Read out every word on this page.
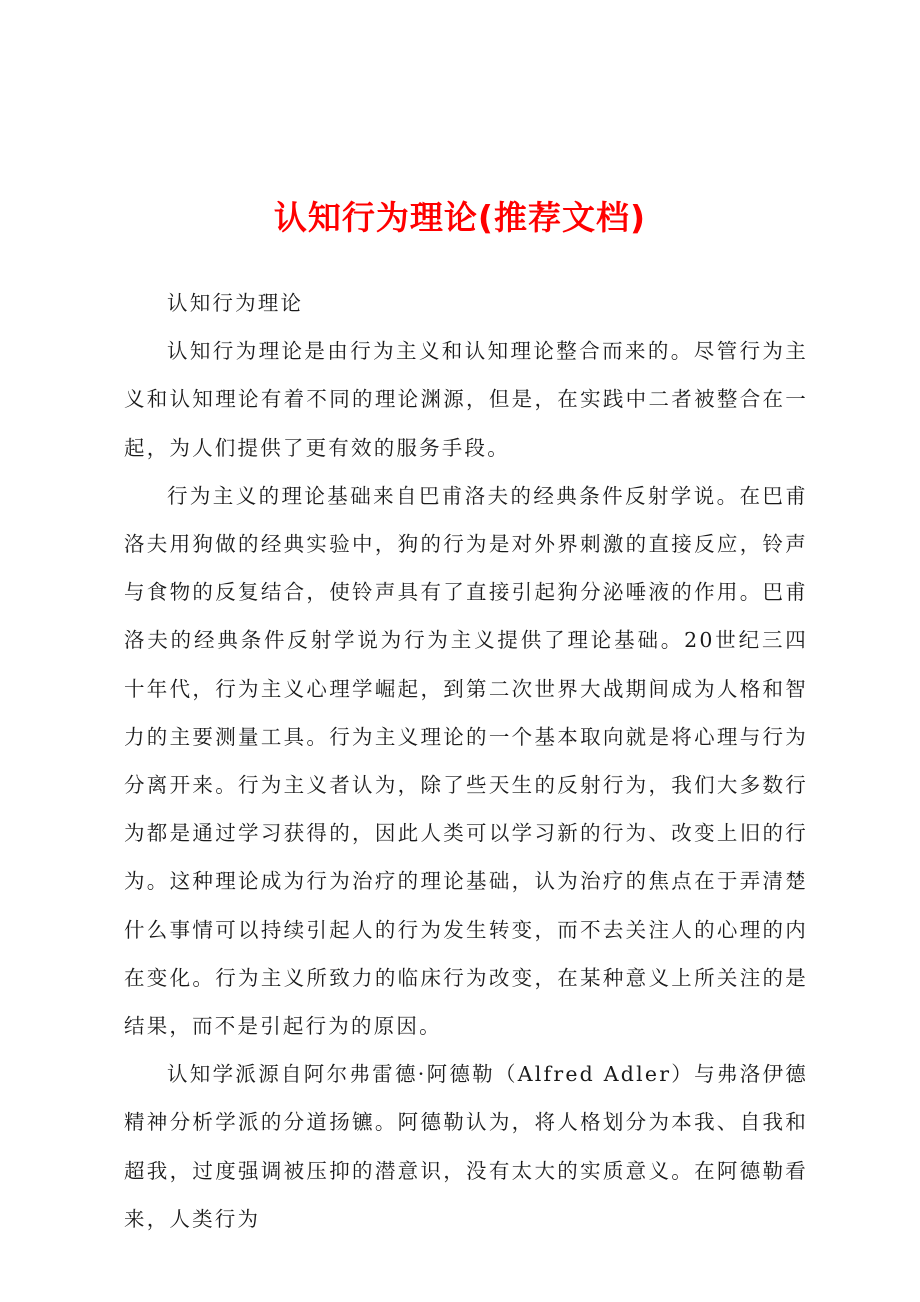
认知行为理论(推荐文档)

认知行为理论

认知行为理论是由行为主义和认知理论整合而来的。尽管行为主义和认知理论有着不同的理论渊源，但是，在实践中二者被整合在一起，为人们提供了更有效的服务手段。

行为主义的理论基础来自巴甫洛夫的经典条件反射学说。在巴甫洛夫用狗做的经典实验中，狗的行为是对外界刺激的直接反应，铃声与食物的反复结合，使铃声具有了直接引起狗分泌唾液的作用。巴甫洛夫的经典条件反射学说为行为主义提供了理论基础。20世纪三四十年代，行为主义心理学崛起，到第二次世界大战期间成为人格和智力的主要测量工具。行为主义理论的一个基本取向就是将心理与行为分离开来。行为主义者认为，除了些天生的反射行为，我们大多数行为都是通过学习获得的，因此人类可以学习新的行为、改变上旧的行为。这种理论成为行为治疗的理论基础，认为治疗的焦点在于弄清楚什么事情可以持续引起人的行为发生转变，而不去关注人的心理的内在变化。行为主义所致力的临床行为改变，在某种意义上所关注的是结果，而不是引起行为的原因。

认知学派源自阿尔弗雷德·阿德勒（Alfred Adler）与弗洛伊德精神分析学派的分道扬镳。阿德勒认为，将人格划分为本我、自我和超我，过度强调被压抑的潜意识，没有太大的实质意义。在阿德勒看来，人类行为
